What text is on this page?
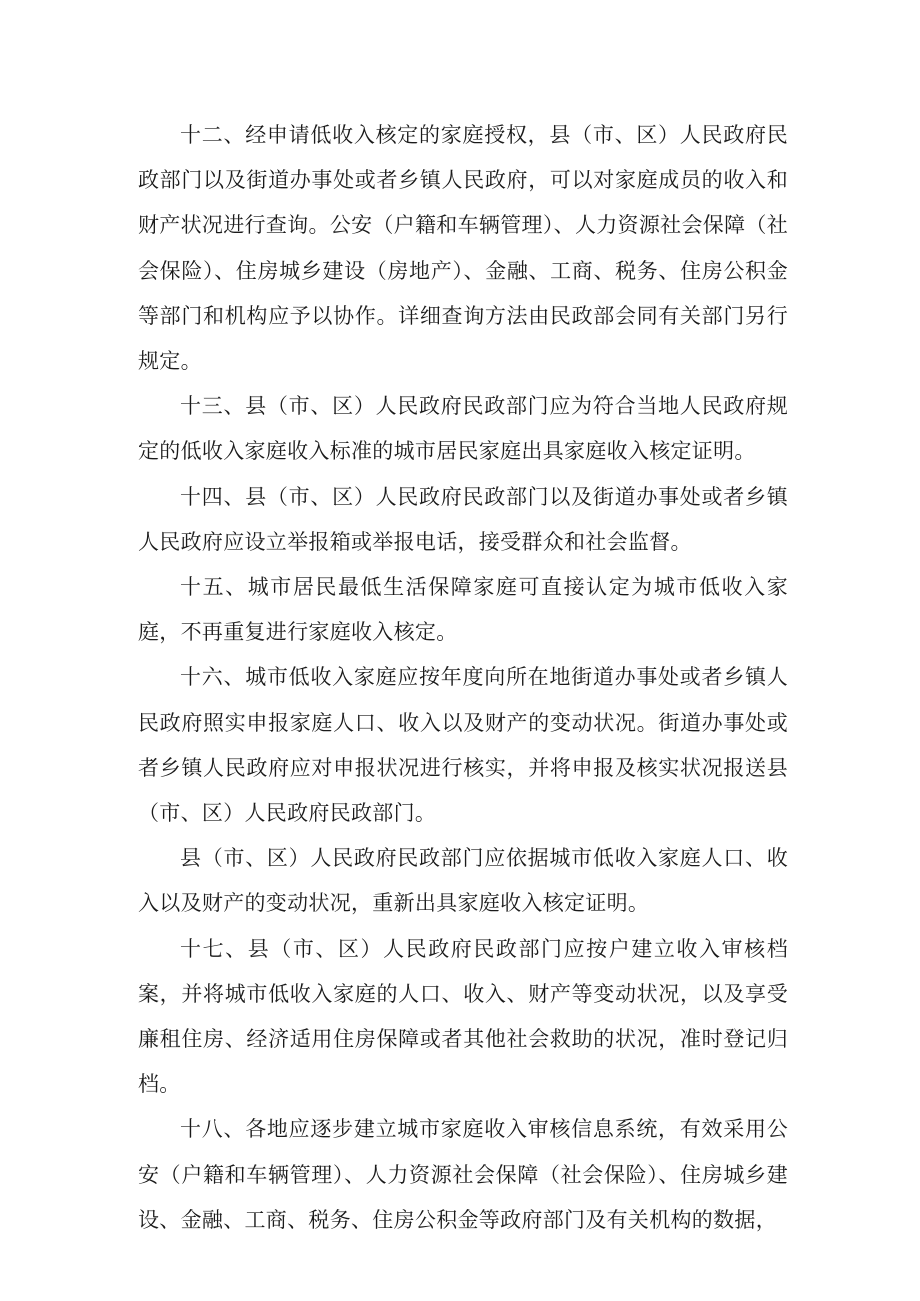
十二、经申请低收入核定的家庭授权，县（市、区）人民政府民政部门以及街道办事处或者乡镇人民政府，可以对家庭成员的收入和财产状况进行查询。公安（户籍和车辆管理）、人力资源社会保障（社会保险）、住房城乡建设（房地产）、金融、工商、税务、住房公积金等部门和机构应予以协作。详细查询方法由民政部会同有关部门另行规定。

十三、县（市、区）人民政府民政部门应为符合当地人民政府规定的低收入家庭收入标准的城市居民家庭出具家庭收入核定证明。

十四、县（市、区）人民政府民政部门以及街道办事处或者乡镇人民政府应设立举报箱或举报电话，接受群众和社会监督。

十五、城市居民最低生活保障家庭可直接认定为城市低收入家庭，不再重复进行家庭收入核定。

十六、城市低收入家庭应按年度向所在地街道办事处或者乡镇人民政府照实申报家庭人口、收入以及财产的变动状况。街道办事处或者乡镇人民政府应对申报状况进行核实，并将申报及核实状况报送县（市、区）人民政府民政部门。

县（市、区）人民政府民政部门应依据城市低收入家庭人口、收入以及财产的变动状况，重新出具家庭收入核定证明。

十七、县（市、区）人民政府民政部门应按户建立收入审核档案，并将城市低收入家庭的人口、收入、财产等变动状况，以及享受廉租住房、经济适用住房保障或者其他社会救助的状况，准时登记归档。

十八、各地应逐步建立城市家庭收入审核信息系统，有效采用公安（户籍和车辆管理）、人力资源社会保障（社会保险）、住房城乡建设、金融、工商、税务、住房公积金等政府部门及有关机构的数据，
